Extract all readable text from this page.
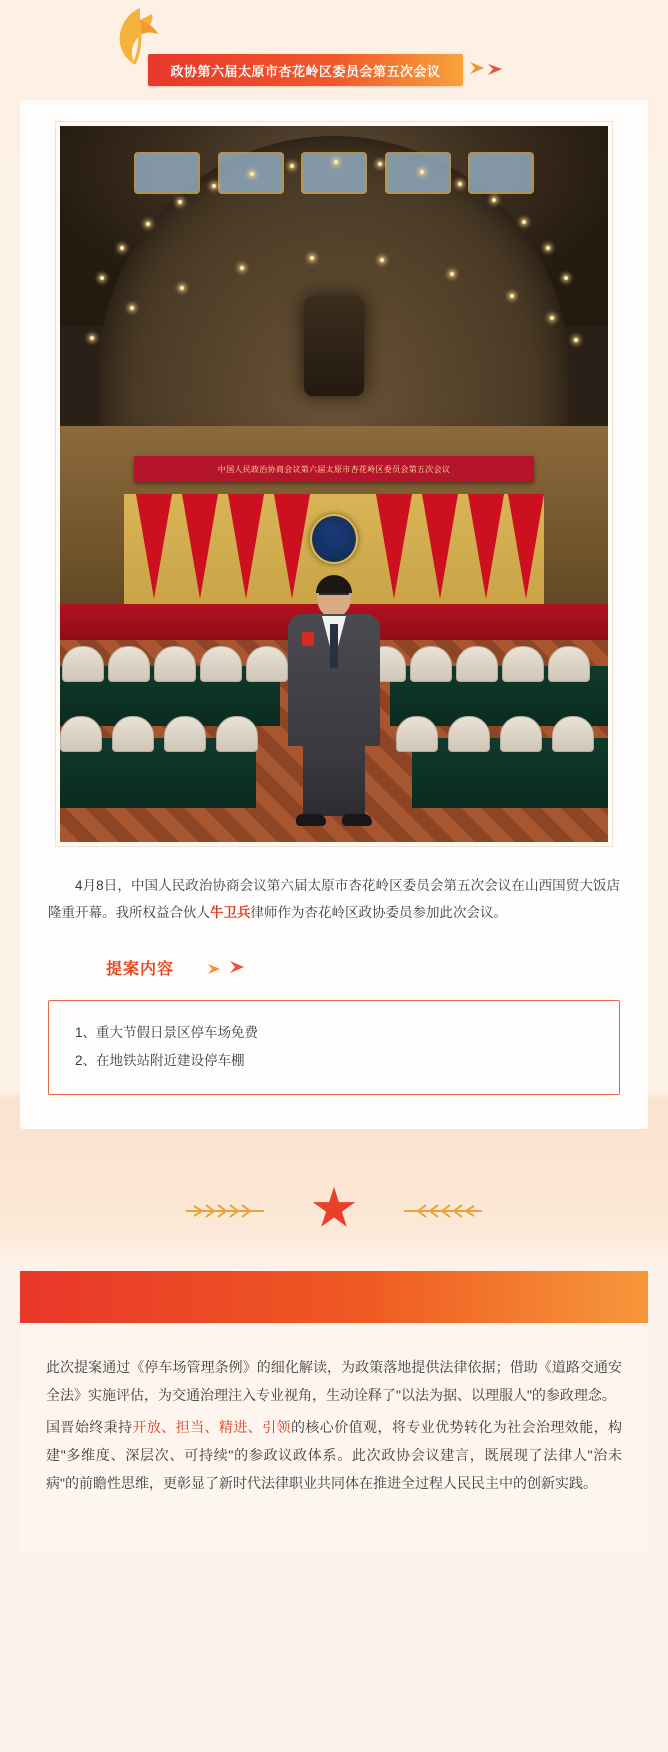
政协第六届太原市杏花岭区委员会第五次会议
中国人民政治协商会议第六届太原市杏花岭区委员会第五次会议
4月8日，中国人民政治协商会议第六届太原市杏花岭区委员会第五次会议在山西国贸大饭店隆重开幕。我所权益合伙人牛卫兵律师作为杏花岭区政协委员参加此次会议。
提案内容
1、重大节假日景区停车场免费
2、在地铁站附近建设停车棚

此次提案通过《停车场管理条例》的细化解读，为政策落地提供法律依据；借助《道路交通安全法》实施评估，为交通治理注入专业视角，生动诠释了"以法为据、以理服人"的参政理念。

国晋始终秉持开放、担当、精进、引领的核心价值观，将专业优势转化为社会治理效能，构建"多维度、深层次、可持续"的参政议政体系。此次政协会议建言，既展现了法律人"治未病"的前瞻性思维，更彰显了新时代法律职业共同体在推进全过程人民民主中的创新实践。
